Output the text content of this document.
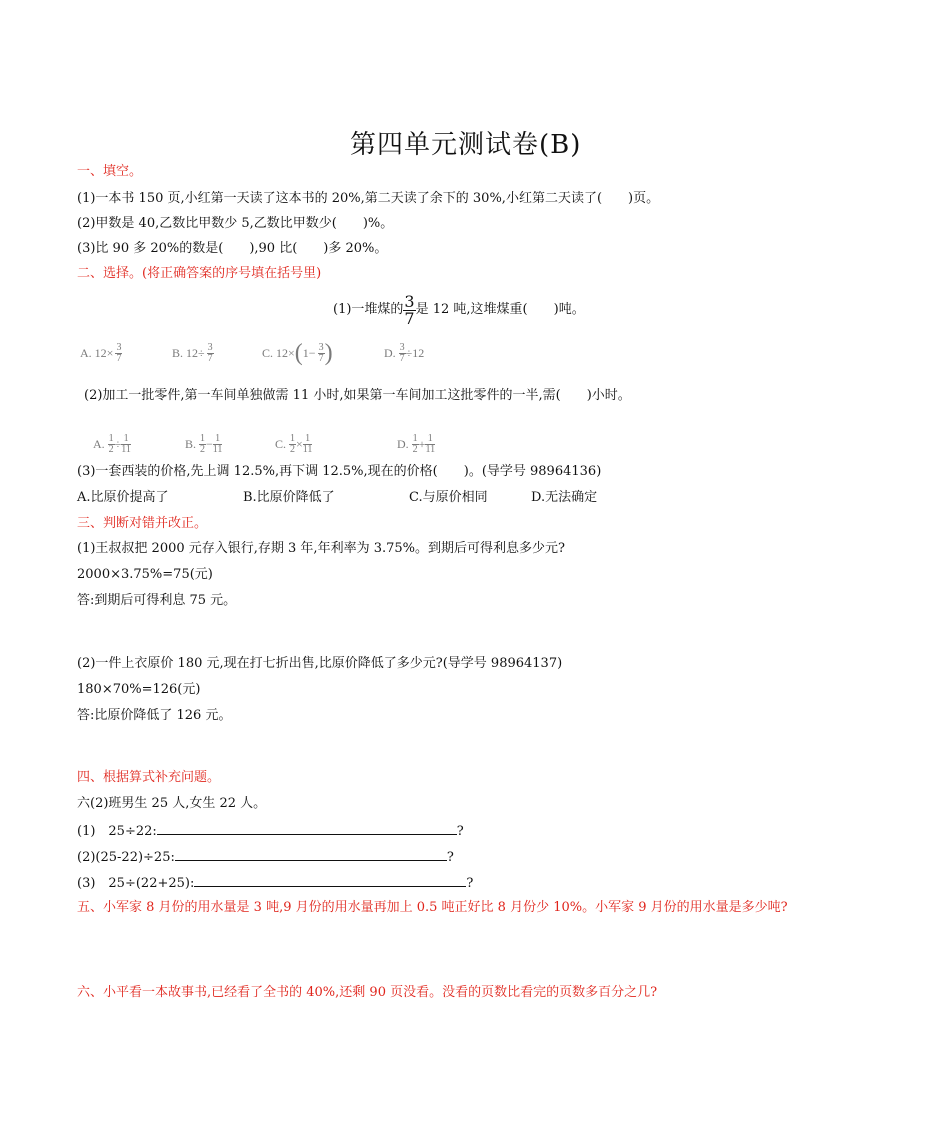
第四单元测试卷(B)
一、填空。
(1)一本书 150 页,小红第一天读了这本书的 20%,第二天读了余下的 30%,小红第二天读了(　　)页。
(2)甲数是 40,乙数比甲数少 5,乙数比甲数少(　　)%。
(3)比 90 多 20%的数是(　　),90 比(　　)多 20%。
二、选择。(将正确答案的序号填在括号里)
(1)一堆煤的 $\frac{3}{7}$ 是 12 吨,这堆煤重(　　)吨。
A. $12\times \frac{3}{7}$	B. $12\div \frac{3}{7}$	C. 12× ( $1- \frac{3}{7}$ )	D. $\frac{3}{7} \div 12$
(2)加工一批零件,第一车间单独做需 11 小时,如果第一车间加工这批零件的一半,需(　　)小时。
A. $\frac{1}{2} \div \frac{1}{11}$	B. $\frac{1}{2} - \frac{1}{11}$	C. $\frac{1}{2} \times \frac{1}{11}$	D. $\frac{1}{2} + \frac{1}{11}$
(3)一套西装的价格,先上调 12.5%,再下调 12.5%,现在的价格(　　)。(导学号 98964136)
A.比原价提高了	B.比原价降低了	C.与原价相同	D.无法确定
三、判断对错并改正。
(1)王叔叔把 2000 元存入银行,存期 3 年,年利率为 3.75%。到期后可得利息多少元?
2000×3.75%=75(元)
答:到期后可得利息 75 元。
(2)一件上衣原价 180 元,现在打七折出售,比原价降低了多少元?(导学号 98964137)
180×70%=126(元)
答:比原价降低了 126 元。
四、根据算式补充问题。
六(2)班男生 25 人,女生 22 人。
(1)　25÷22:	?
(2)(25-22)÷25:	?
(3)　25÷(22+25):	?
五、小军家 8 月份的用水量是 3 吨,9 月份的用水量再加上 0.5 吨正好比 8 月份少 10%。小军家 9 月份的用水量是多少吨?
六、小平看一本故事书,已经看了全书的 40%,还剩 90 页没看。没看的页数比看完的页数多百分之几?
